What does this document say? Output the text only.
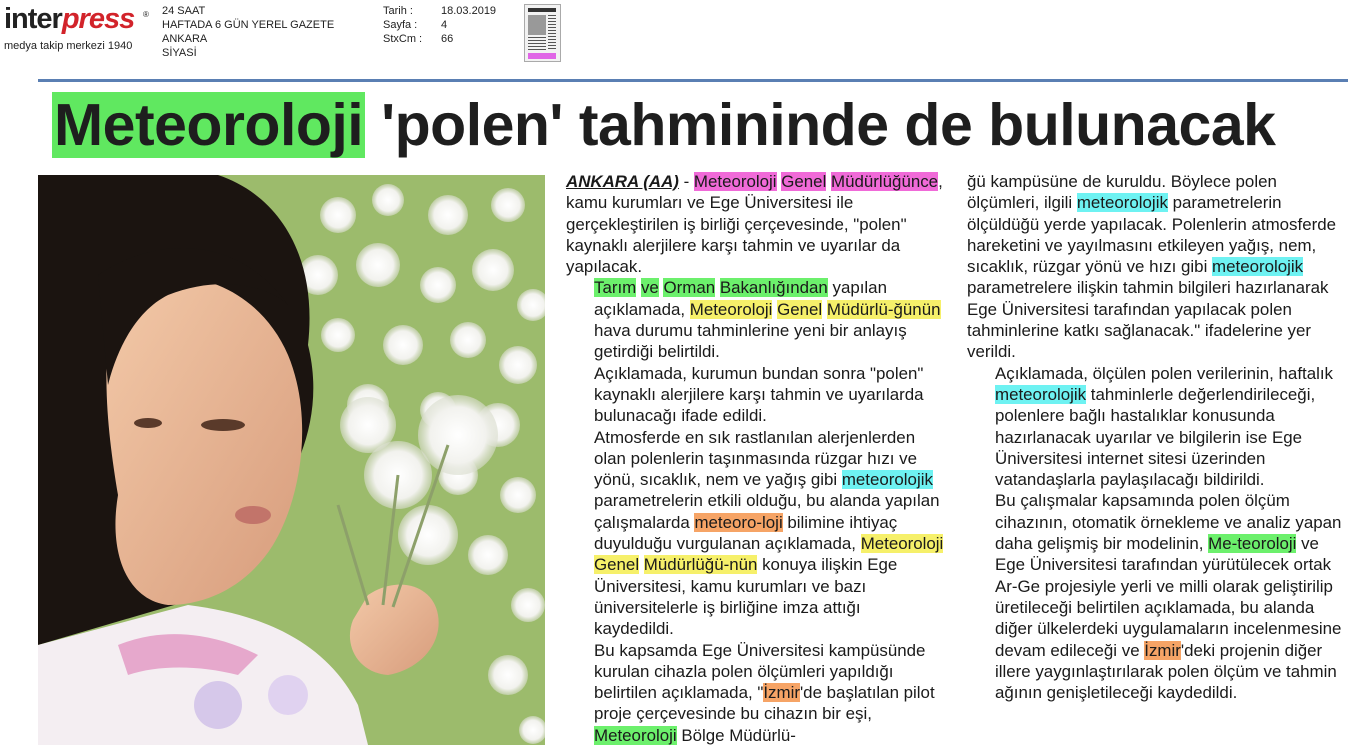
interpress	®
medya takip merkezi 1940
24 SAAT
HAFTADA 6 GÜN YEREL GAZETE
ANKARA
SİYASİ
Tarih :	18.03.2019
Sayfa :	4
StxCm :	66
Meteoroloji 'polen' tahmininde de bulunacak

ANKARA (AA) - Meteoroloji Genel Müdürlüğünce, kamu kurumları ve Ege Üniversitesi ile gerçekleştirilen iş birliği çerçevesinde, "polen" kaynaklı alerjilere karşı tahmin ve uyarılar da yapılacak.

Tarım ve Orman Bakanlığından yapılan açıklamada, Meteoroloji Genel Müdürlü-ğünün hava durumu tahminlerine yeni bir anlayış getirdiği belirtildi.

Açıklamada, kurumun bundan sonra "polen" kaynaklı alerjilere karşı tahmin ve uyarılarda bulunacağı ifade edildi.

Atmosferde en sık rastlanılan alerjenlerden olan polenlerin taşınmasında rüzgar hızı ve yönü, sıcaklık, nem ve yağış gibi meteorolojik parametrelerin etkili olduğu, bu alanda yapılan çalışmalarda meteoro-loji bilimine ihtiyaç duyulduğu vurgulanan açıklamada, Meteoroloji Genel Müdürlüğü-nün konuya ilişkin Ege Üniversitesi, kamu kurumları ve bazı üniversitelerle iş birliğine imza attığı kaydedildi.

Bu kapsamda Ege Üniversitesi kampüsünde kurulan cihazla polen ölçümleri yapıldığı belirtilen açıklamada, "İzmir'de başlatılan pilot proje çerçevesinde bu cihazın bir eşi, Meteoroloji Bölge Müdürlü-

ğü kampüsüne de kuruldu. Böylece polen ölçümleri, ilgili meteorolojik parametrelerin ölçüldüğü yerde yapılacak. Polenlerin atmosferde hareketini ve yayılmasını etkileyen yağış, nem, sıcaklık, rüzgar yönü ve hızı gibi meteorolojik parametrelere ilişkin tahmin bilgileri hazırlanarak Ege Üniversitesi tarafından yapılacak polen tahminlerine katkı sağlanacak." ifadelerine yer verildi.

Açıklamada, ölçülen polen verilerinin, haftalık meteorolojik tahminlerle değerlendirileceği, polenlere bağlı hastalıklar konusunda hazırlanacak uyarılar ve bilgilerin ise Ege Üniversitesi internet sitesi üzerinden vatandaşlarla paylaşılacağı bildirildi.

Bu çalışmalar kapsamında polen ölçüm cihazının, otomatik örnekleme ve analiz yapan daha gelişmiş bir modelinin, Me-teoroloji ve Ege Üniversitesi tarafından yürütülecek ortak Ar-Ge projesiyle yerli ve milli olarak geliştirilip üretileceği belirtilen açıklamada, bu alanda diğer ülkelerdeki uygulamaların incelenmesine devam edileceği ve İzmir'deki projenin diğer illere yaygınlaştırılarak polen ölçüm ve tahmin ağının genişletileceği kaydedildi.
